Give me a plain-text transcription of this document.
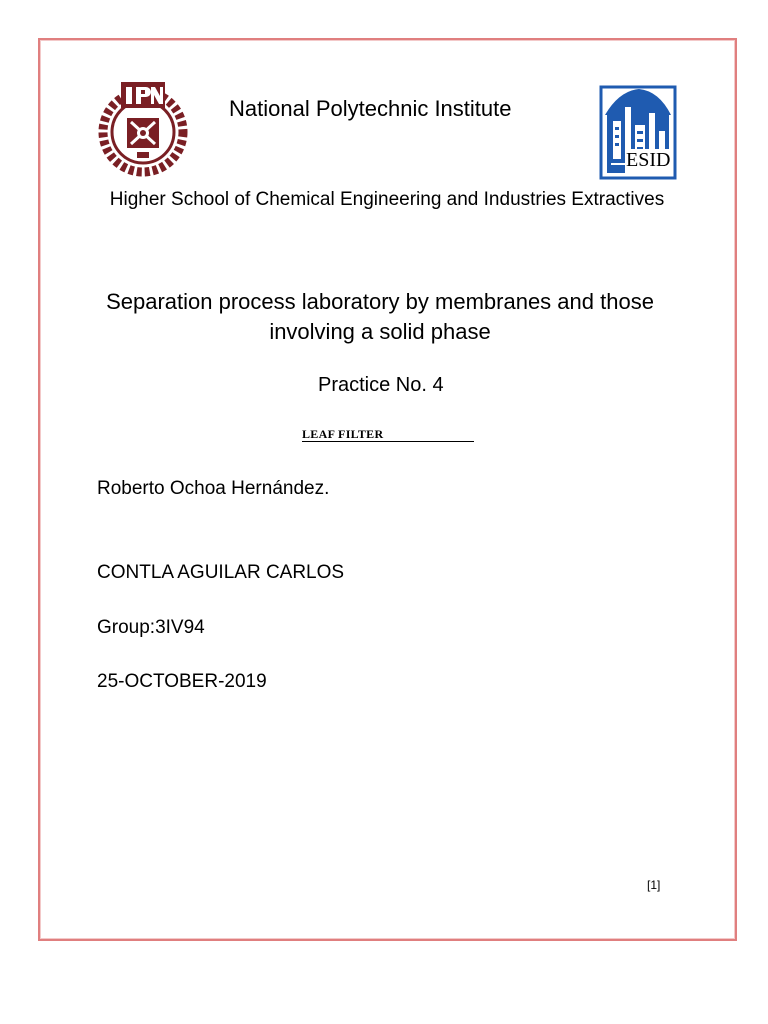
ESID
National Polytechnic Institute
Higher School of Chemical Engineering and Industries Extractives
Separation process laboratory by membranes and those involving a solid phase
Practice No. 4
LEAF FILTER
Roberto Ochoa Hernández.
CONTLA AGUILAR CARLOS
Group:3IV94
25-OCTOBER-2019
[1]
